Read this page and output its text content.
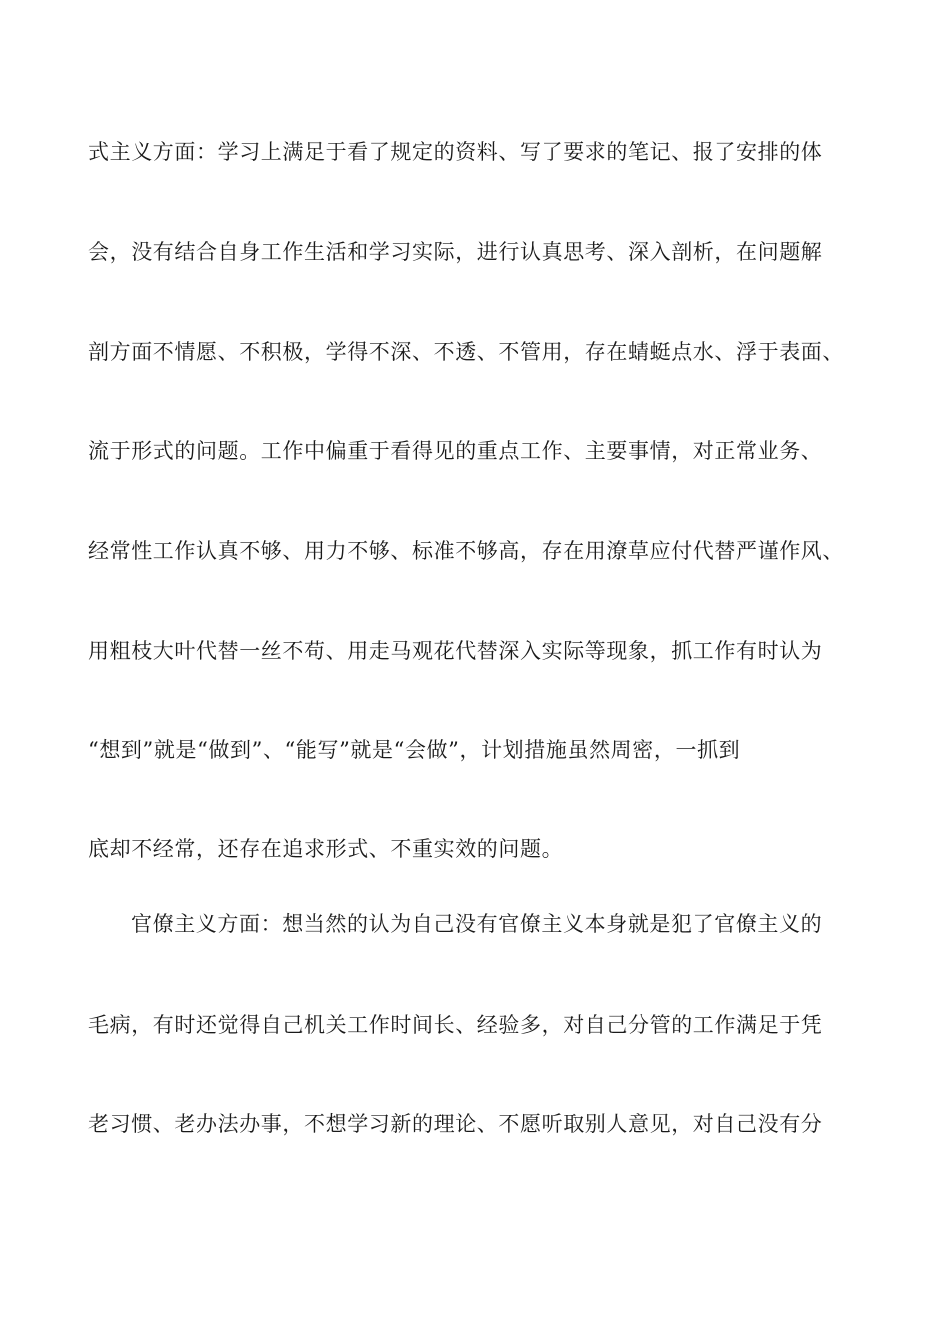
式主义方面：学习上满足于看了规定的资料、写了要求的笔记、报了安排的体
会，没有结合自身工作生活和学习实际，进行认真思考、深入剖析，在问题解
剖方面不情愿、不积极，学得不深、不透、不管用，存在蜻蜓点水、浮于表面、
流于形式的问题。工作中偏重于看得见的重点工作、主要事情，对正常业务、
经常性工作认真不够、用力不够、标准不够高，存在用潦草应付代替严谨作风、
用粗枝大叶代替一丝不苟、用走马观花代替深入实际等现象，抓工作有时认为
“想到”就是“做到”、“能写”就是“会做”，计划措施虽然周密，一抓到
底却不经常，还存在追求形式、不重实效的问题。
官僚主义方面：想当然的认为自己没有官僚主义本身就是犯了官僚主义的
毛病，有时还觉得自己机关工作时间长、经验多，对自己分管的工作满足于凭
老习惯、老办法办事，不想学习新的理论、不愿听取别人意见，对自己没有分
